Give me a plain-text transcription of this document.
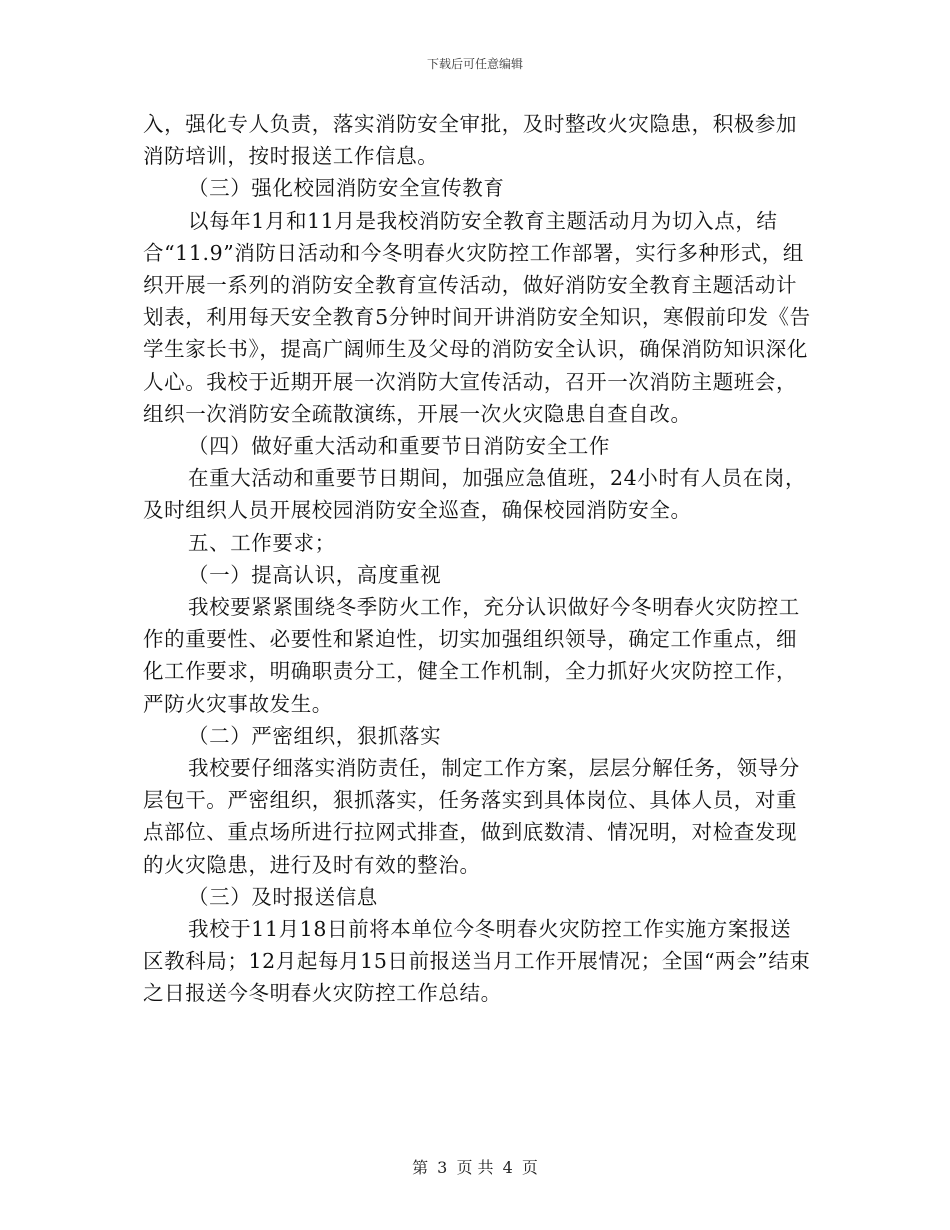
下载后可任意编辑

入，强化专人负责，落实消防安全审批，及时整改火灾隐患，积极参加消防培训，按时报送工作信息。

（三）强化校园消防安全宣传教育

以每年1月和11月是我校消防安全教育主题活动月为切入点，结合“11.9”消防日活动和今冬明春火灾防控工作部署，实行多种形式，组织开展一系列的消防安全教育宣传活动，做好消防安全教育主题活动计划表，利用每天安全教育5分钟时间开讲消防安全知识，寒假前印发《告学生家长书》，提高广阔师生及父母的消防安全认识，确保消防知识深化人心。我校于近期开展一次消防大宣传活动，召开一次消防主题班会，组织一次消防安全疏散演练，开展一次火灾隐患自查自改。

（四）做好重大活动和重要节日消防安全工作

在重大活动和重要节日期间，加强应急值班，24小时有人员在岗，及时组织人员开展校园消防安全巡查，确保校园消防安全。

五、工作要求；

（一）提高认识，高度重视

我校要紧紧围绕冬季防火工作，充分认识做好今冬明春火灾防控工作的重要性、必要性和紧迫性，切实加强组织领导，确定工作重点，细化工作要求，明确职责分工，健全工作机制，全力抓好火灾防控工作，严防火灾事故发生。

（二）严密组织，狠抓落实

我校要仔细落实消防责任，制定工作方案，层层分解任务，领导分层包干。严密组织，狠抓落实，任务落实到具体岗位、具体人员，对重点部位、重点场所进行拉网式排查，做到底数清、情况明，对检查发现的火灾隐患，进行及时有效的整治。

（三）及时报送信息

我校于11月18日前将本单位今冬明春火灾防控工作实施方案报送区教科局；12月起每月15日前报送当月工作开展情况；全国“两会”结束之日报送今冬明春火灾防控工作总结。

第 3 页 共 4 页
